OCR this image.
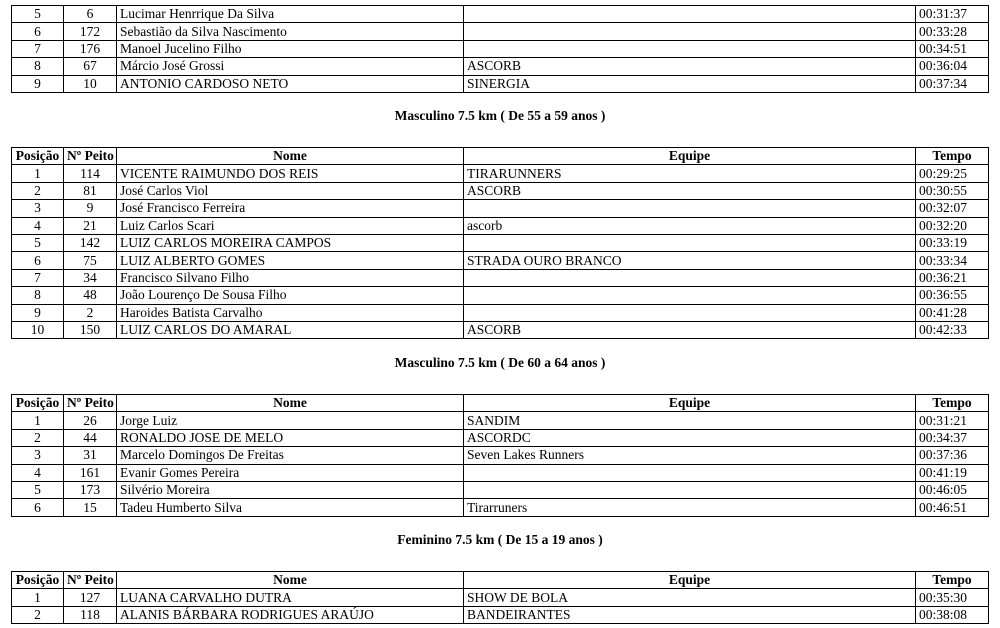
5	6	Lucimar Henrrique Da Silva		00:31:37
6	172	Sebastião da Silva Nascimento		00:33:28
7	176	Manoel Jucelino Filho		00:34:51
8	67	Márcio José Grossi	ASCORB	00:36:04
9	10	ANTONIO CARDOSO NETO	SINERGIA	00:37:34
Masculino 7.5 km ( De 55 a 59 anos )
Posição	Nº Peito	Nome	Equipe	Tempo
1	114	VICENTE RAIMUNDO DOS REIS	TIRARUNNERS	00:29:25
2	81	José Carlos Viol	ASCORB	00:30:55
3	9	José Francisco Ferreira		00:32:07
4	21	Luiz Carlos Scari	ascorb	00:32:20
5	142	LUIZ CARLOS MOREIRA CAMPOS		00:33:19
6	75	LUIZ ALBERTO GOMES	STRADA OURO BRANCO	00:33:34
7	34	Francisco Silvano Filho		00:36:21
8	48	João Lourenço De Sousa Filho		00:36:55
9	2	Haroides Batista Carvalho		00:41:28
10	150	LUIZ CARLOS DO AMARAL	ASCORB	00:42:33
Masculino 7.5 km ( De 60 a 64 anos )
Posição	Nº Peito	Nome	Equipe	Tempo
1	26	Jorge Luiz	SANDIM	00:31:21
2	44	RONALDO JOSE DE MELO	ASCORDC	00:34:37
3	31	Marcelo Domingos De Freitas	Seven Lakes Runners	00:37:36
4	161	Evanir Gomes Pereira		00:41:19
5	173	Silvério Moreira		00:46:05
6	15	Tadeu Humberto Silva	Tirarruners	00:46:51
Feminino 7.5 km ( De 15 a 19 anos )
Posição	Nº Peito	Nome	Equipe	Tempo
1	127	LUANA CARVALHO DUTRA	SHOW DE BOLA	00:35:30
2	118	ALANIS BÁRBARA RODRIGUES ARAÚJO	BANDEIRANTES	00:38:08
